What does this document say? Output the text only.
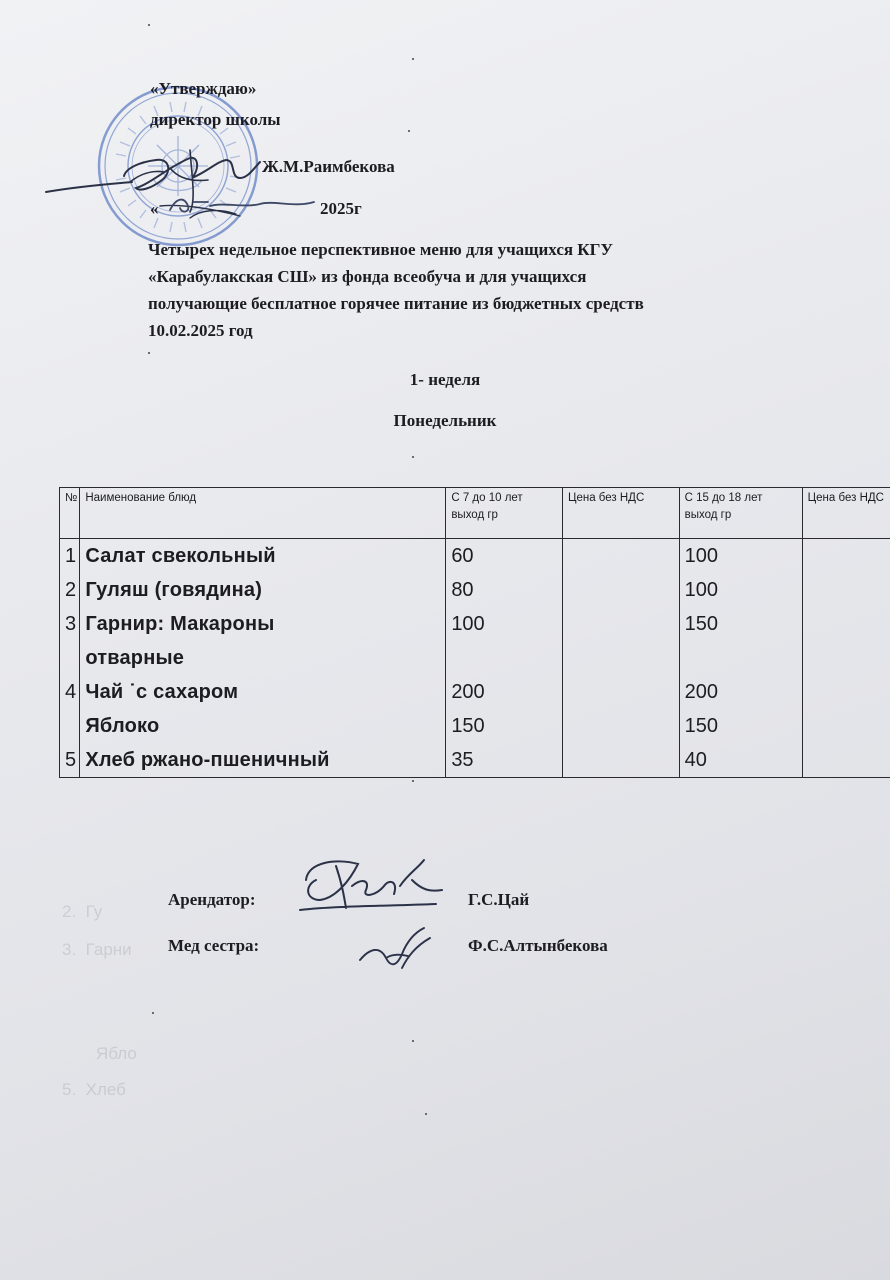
«Утверждаю»
директор школы
Ж.М.Раимбекова
«	2025г

Четырех недельное перспективное меню для учащихся КГУ

«Карабулакская СШ» из фонда всеобуча и для учащихся

получающие бесплатное горячее питание из бюджетных средств

10.02.2025 год

1- неделя
Понедельник
№	Наименование блюд	С 7 до 10 лет выход гр	Цена без НДС	С 15 до 18 лет выход гр	Цена без НДС
1	Салат свекольный	60		100	
2	Гуляш (говядина)	80		100	
3	Гарнир: Макароны	100		150	
	отварные				
4	Чай ˙с сахаром	200		200	
	Яблоко	150		150	
5	Хлеб ржано-пшеничный	35		40	
2.  Гу
3.  Гарни
Ябло
5.  Хлеб
Арендатор:	Г.С.Цай
Мед сестра:	Ф.С.Алтынбекова
